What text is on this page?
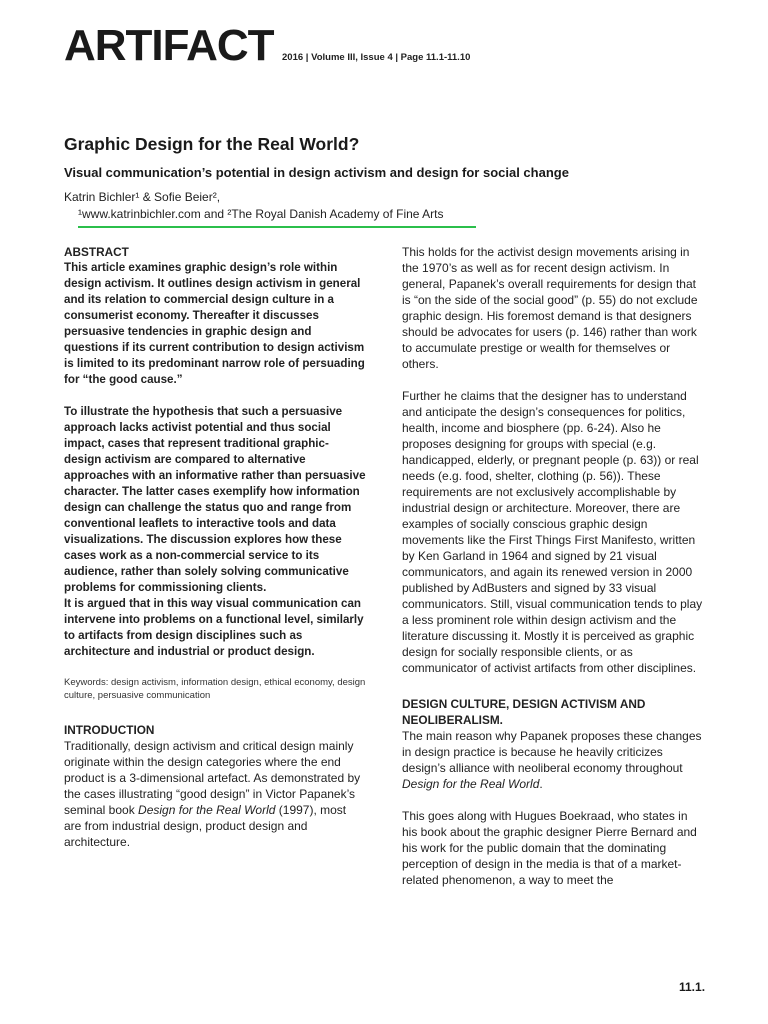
ARTIFACT 2016 | Volume III, Issue 4 | Page 11.1-11.10
Graphic Design for the Real World?
Visual communication’s potential in design activism and design for social change
Katrin Bichler¹ & Sofie Beier²,
¹www.katrinbichler.com and ²The Royal Danish Academy of Fine Arts
ABSTRACT

This article examines graphic design’s role within design activism. It outlines design activism in general and its relation to commercial design culture in a consumerist economy. Thereafter it discusses persuasive tendencies in graphic design and questions if its current contribution to design activism is limited to its predominant narrow role of persuading for “the good cause.”

To illustrate the hypothesis that such a persuasive approach lacks activist potential and thus social impact, cases that represent traditional graphic-design activism are compared to alternative approaches with an informative rather than persuasive character. The latter cases exemplify how information design can challenge the status quo and range from conventional leaflets to interactive tools and data visualizations. The discussion explores how these cases work as a non-commercial service to its audience, rather than solely solving communicative problems for commissioning clients.

It is argued that in this way visual communication can intervene into problems on a functional level, similarly to artifacts from design disciplines such as architecture and industrial or product design.

Keywords: design activism, information design, ethical economy, design culture, persuasive communication

INTRODUCTION

Traditionally, design activism and critical design mainly originate within the design categories where the end product is a 3-dimensional artefact. As demonstrated by the cases illustrating “good design” in Victor Papanek’s seminal book Design for the Real World (1997), most are from industrial design, product design and architecture.

This holds for the activist design movements arising in the 1970’s as well as for recent design activism. In general, Papanek’s overall requirements for design that is “on the side of the social good” (p. 55) do not exclude graphic design. His foremost demand is that designers should be advocates for users (p. 146) rather than work to accumulate prestige or wealth for themselves or others.

Further he claims that the designer has to understand and anticipate the design’s consequences for politics, health, income and biosphere (pp. 6-24). Also he proposes designing for groups with special (e.g. handicapped, elderly, or pregnant people (p. 63)) or real needs (e.g. food, shelter, clothing (p. 56)). These requirements are not exclusively accomplishable by industrial design or architecture. Moreover, there are examples of socially conscious graphic design movements like the First Things First Manifesto, written by Ken Garland in 1964 and signed by 21 visual communicators, and again its renewed version in 2000 published by AdBusters and signed by 33 visual communicators. Still, visual communication tends to play a less prominent role within design activism and the literature discussing it. Mostly it is perceived as graphic design for socially responsible clients, or as communicator of activist artifacts from other disciplines.

DESIGN CULTURE, DESIGN ACTIVISM AND NEOLIBERALISM.

The main reason why Papanek proposes these changes in design practice is because he heavily criticizes design’s alliance with neoliberal economy throughout Design for the Real World.

This goes along with Hugues Boekraad, who states in his book about the graphic designer Pierre Bernard and his work for the public domain that the dominating perception of design in the media is that of a market-related phenomenon, a way to meet the

11.1.
